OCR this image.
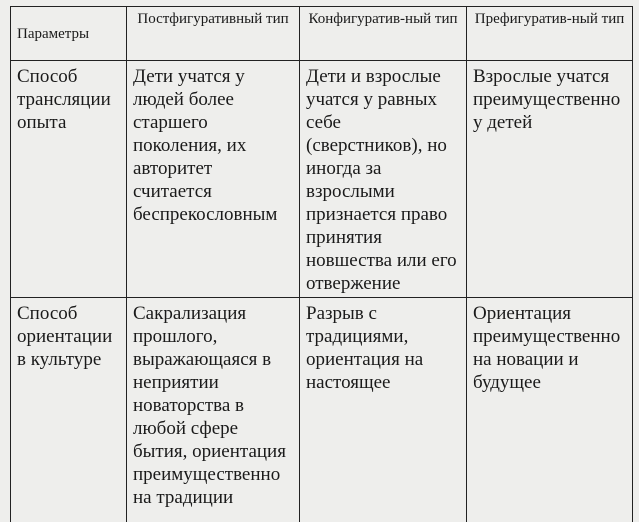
Параметры	Постфигуративный тип	Конфигуратив-ный тип	Префигуратив-ный тип

Способ трансляции опыта	Дети учатся у людей более старшего поколения, их авторитет считается беспрекословным	Дети и взрослые учатся у равных себе (сверстников), но иногда за взрослыми признается право принятия новшества или его отвержение	Взрослые учатся преимущественно у детей

Способ ориентации в культуре	Сакрализация прошлого, выражающаяся в неприятии новаторства в любой сфере бытия, ориентация преимущественно на традиции	Разрыв с традициями, ориентация на настоящее	Ориентация преимущественно на новации и будущее
